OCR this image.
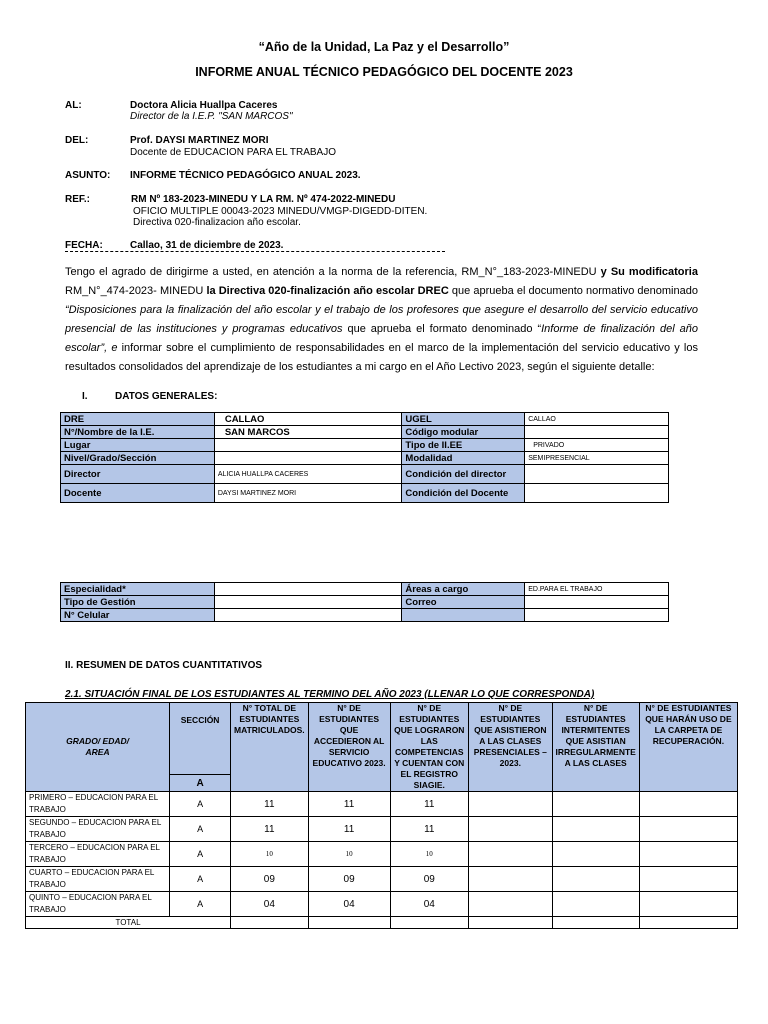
“Año de la Unidad, La Paz y el Desarrollo”
INFORME ANUAL TÉCNICO PEDAGÓGICO DEL DOCENTE 2023
AL:	Doctora Alicia Huallpa Caceres
Director de la I.E.P. "SAN MARCOS"
DEL:	Prof. DAYSI MARTINEZ MORI
Docente de EDUCACION PARA EL TRABAJO
ASUNTO: INFORME TÉCNICO PEDAGÓGICO ANUAL 2023.
REF.:	RM Nº 183-2023-MINEDU Y LA RM. Nº 474-2022-MINEDU
OFICIO MULTIPLE 00043-2023 MINEDU/VMGP-DIGEDD-DITEN.
Directiva 020-finalizacion año escolar.
FECHA:	Callao, 31 de diciembre de 2023.
Tengo el agrado de dirigirme a usted, en atención a la norma de la referencia, RM_N°_183-2023-MINEDU y Su modificatoria RM_N°_474-2023- MINEDU la Directiva 020-finalización año escolar DREC que aprueba el documento normativo denominado “Disposiciones para la finalización del año escolar y el trabajo de los profesores que asegure el desarrollo del servicio educativo presencial de las instituciones y programas educativos que aprueba el formato denominado “Informe de finalización del año escolar”, e informar sobre el cumplimiento de responsabilidades en el marco de la implementación del servicio educativo y los resultados consolidados del aprendizaje de los estudiantes a mi cargo en el Año Lectivo 2023, según el siguiente detalle:
I.	DATOS GENERALES:
DRE	CALLAO	UGEL	CALLAO
N°/Nombre de la I.E.	SAN MARCOS	Código modular	
Lugar		Tipo de II.EE	PRIVADO
Nivel/Grado/Sección		Modalidad	SEMIPRESENCIAL
Director	ALICIA HUALLPA CACERES	Condición del director	
Docente	DAYSI MARTINEZ MORI	Condición del Docente	
Especialidad*		Áreas a cargo	ED.PARA EL TRABAJO
Tipo de Gestión		Correo	
N° Celular			
II. RESUMEN DE DATOS CUANTITATIVOS
2.1. SITUACIÓN FINAL DE LOS ESTUDIANTES AL TERMINO DEL AÑO 2023 (LLENAR LO QUE CORRESPONDA)
GRADO/ EDAD/
AREA	SECCIÓN	N° TOTAL DE ESTUDIANTES MATRICULADOS.	N° DE ESTUDIANTES QUE ACCEDIERON AL SERVICIO EDUCATIVO 2023.	N° DE ESTUDIANTES QUE LOGRARON LAS COMPETENCIAS Y CUENTAN CON EL REGISTRO SIAGIE.	N° DE ESTUDIANTES QUE ASISTIERON A LAS CLASES PRESENCIALES – 2023.	N° DE ESTUDIANTES INTERMITENTES QUE ASISTIAN IRREGULARMENTE A LAS CLASES	N° DE ESTUDIANTES QUE HARÁN USO DE LA CARPETA DE RECUPERACIÓN.
	A						
PRIMERO – EDUCACION PARA EL TRABAJO	A	11	11	11			
SEGUNDO – EDUCACION PARA EL TRABAJO	A	11	11	11			
TERCERO – EDUCACION PARA EL TRABAJO	A	10	10	10			
CUARTO – EDUCACION PARA EL TRABAJO	A	09	09	09			
QUINTO – EDUCACION PARA EL TRABAJO	A	04	04	04			
TOTAL							
